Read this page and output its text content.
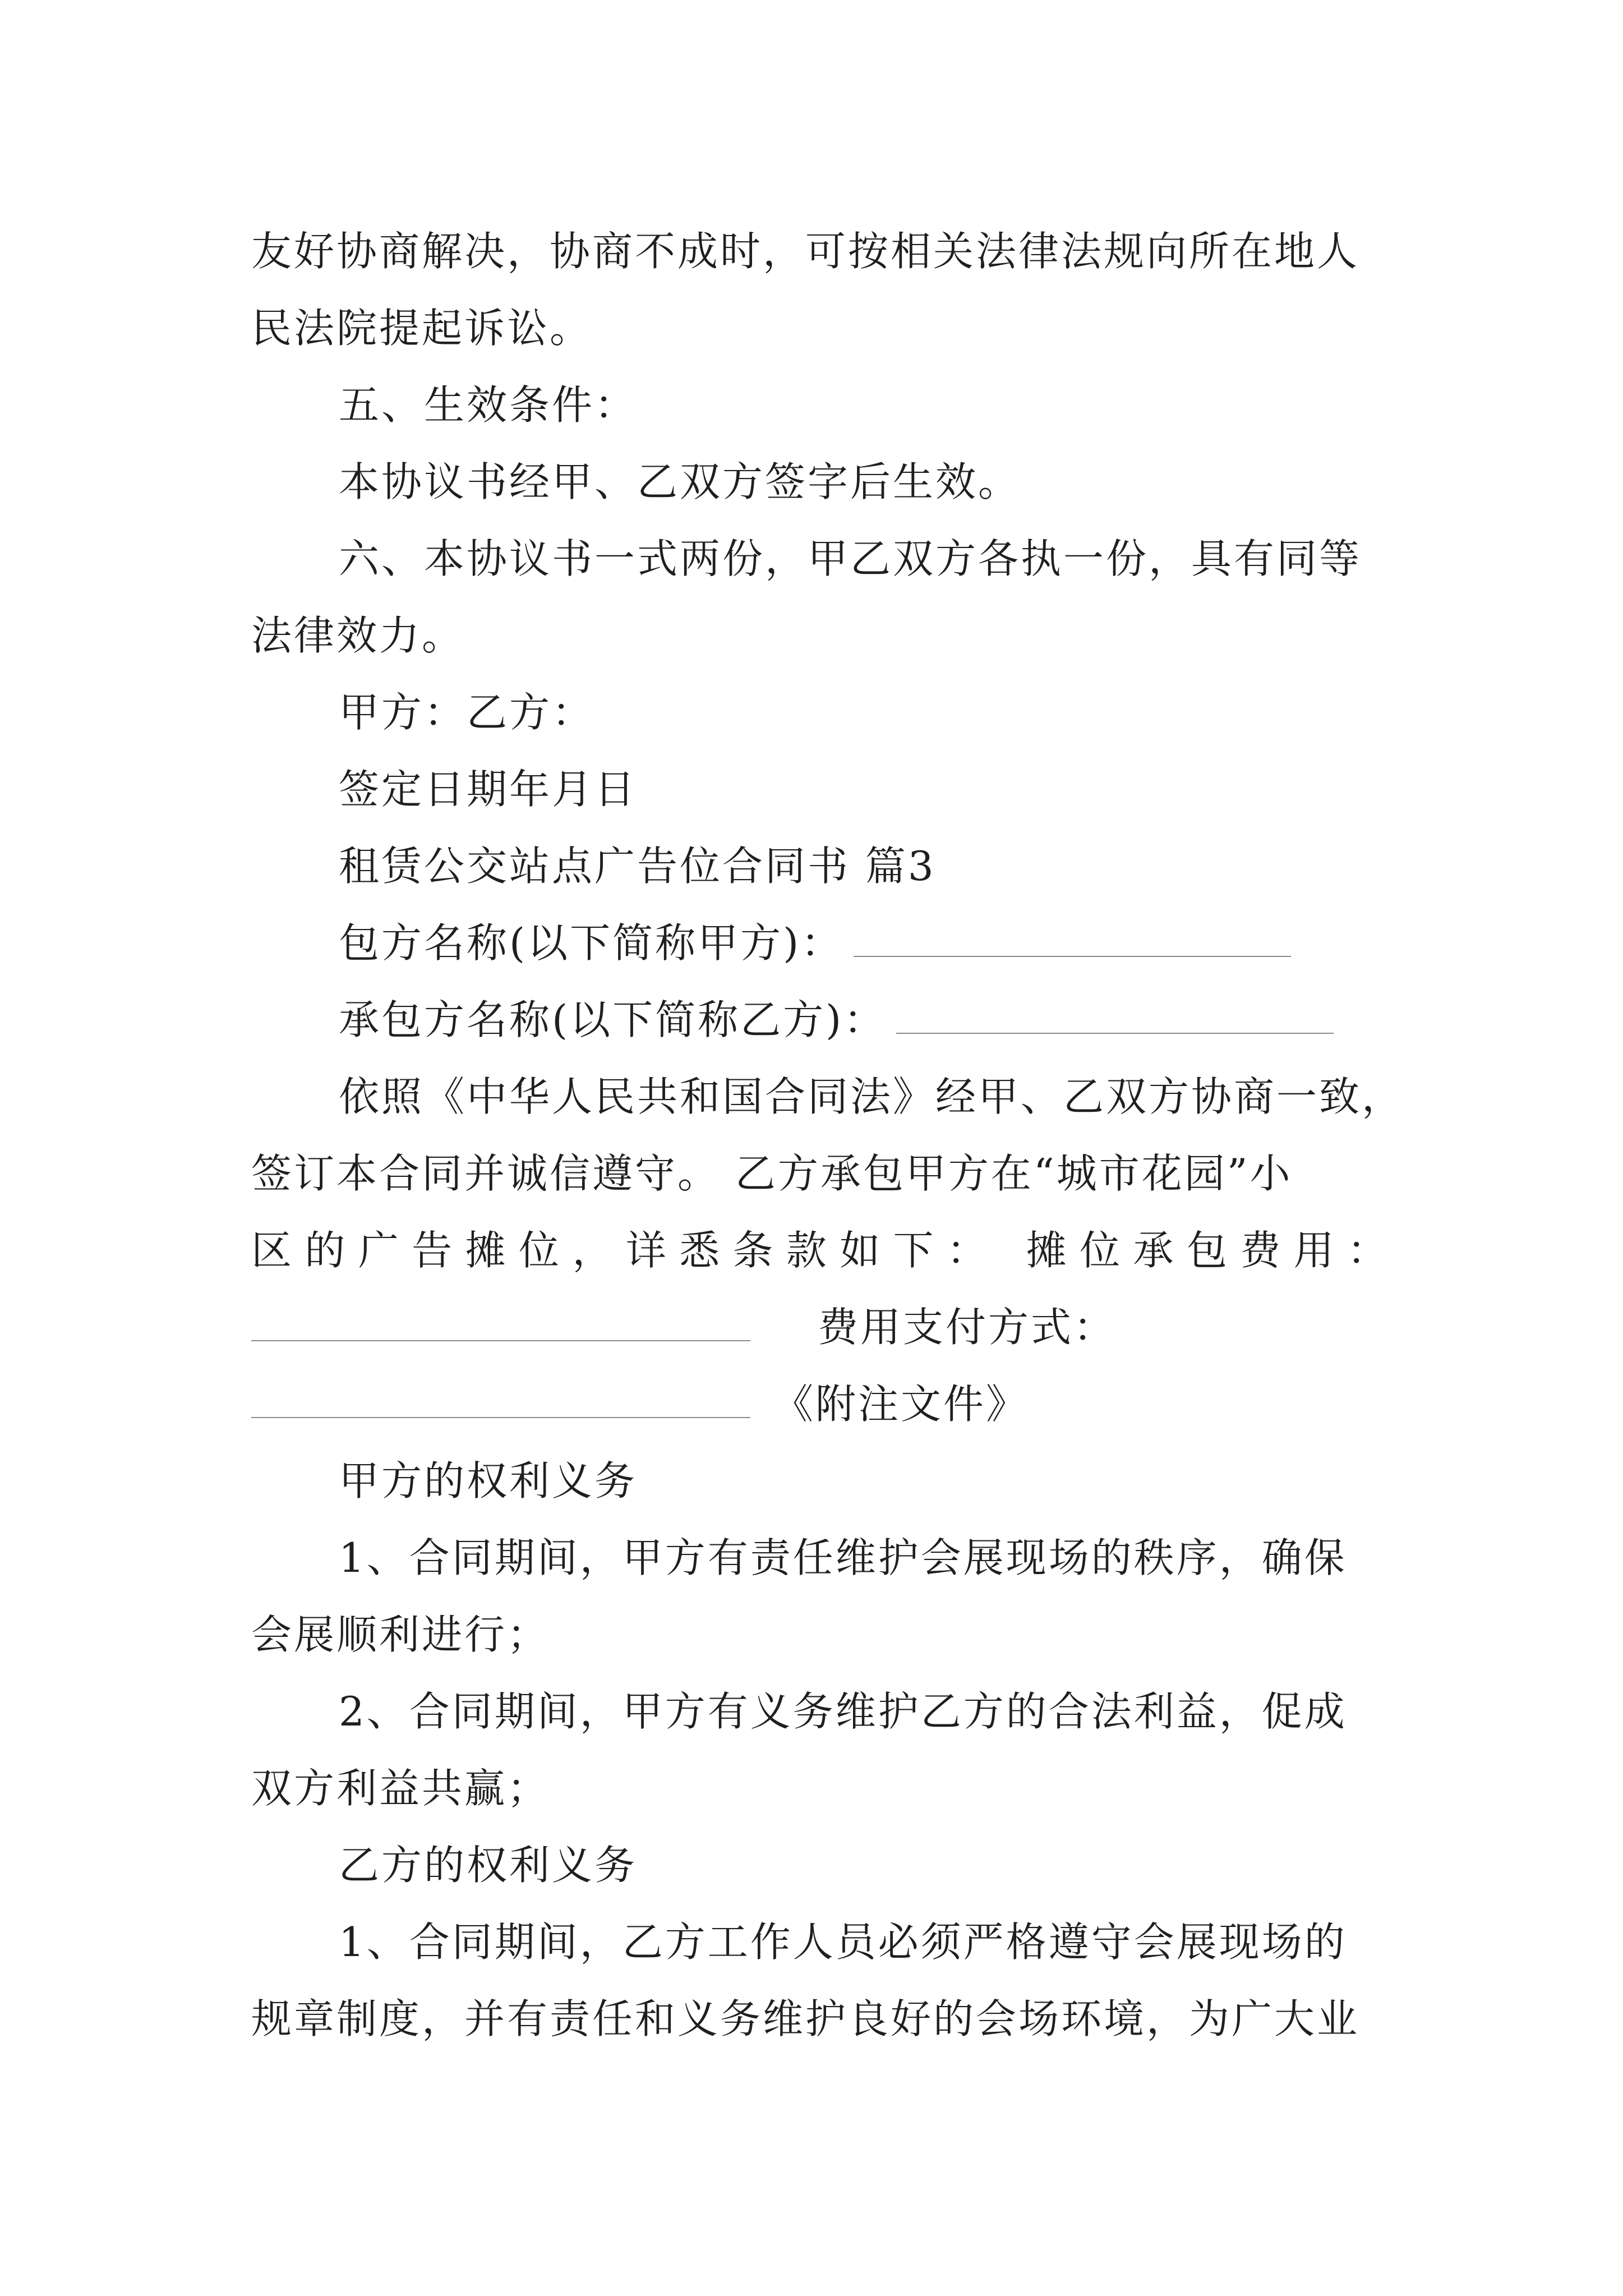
友好协商解决，协商不成时，可按相关法律法规向所在地人
民法院提起诉讼。
五、生效条件：
本协议书经甲、乙双方签字后生效。
六、本协议书一式两份，甲乙双方各执一份，具有同等
法律效力。
甲方：乙方：
签定日期年月日
租赁公交站点广告位合同书 篇3
包方名称(以下简称甲方)：
承包方名称(以下简称乙方)：
依照《中华人民共和国合同法》经甲、乙双方协商一致，
签订本合同并诚信遵守。 乙方承包甲方在“城市花园”小
区的广告摊位，详悉条款如下： 摊位承包费用：
费用支付方式：
《附注文件》
甲方的权利义务
1、合同期间，甲方有责任维护会展现场的秩序，确保
会展顺利进行；
2、合同期间，甲方有义务维护乙方的合法利益，促成
双方利益共赢；
乙方的权利义务
1、合同期间，乙方工作人员必须严格遵守会展现场的
规章制度，并有责任和义务维护良好的会场环境，为广大业
